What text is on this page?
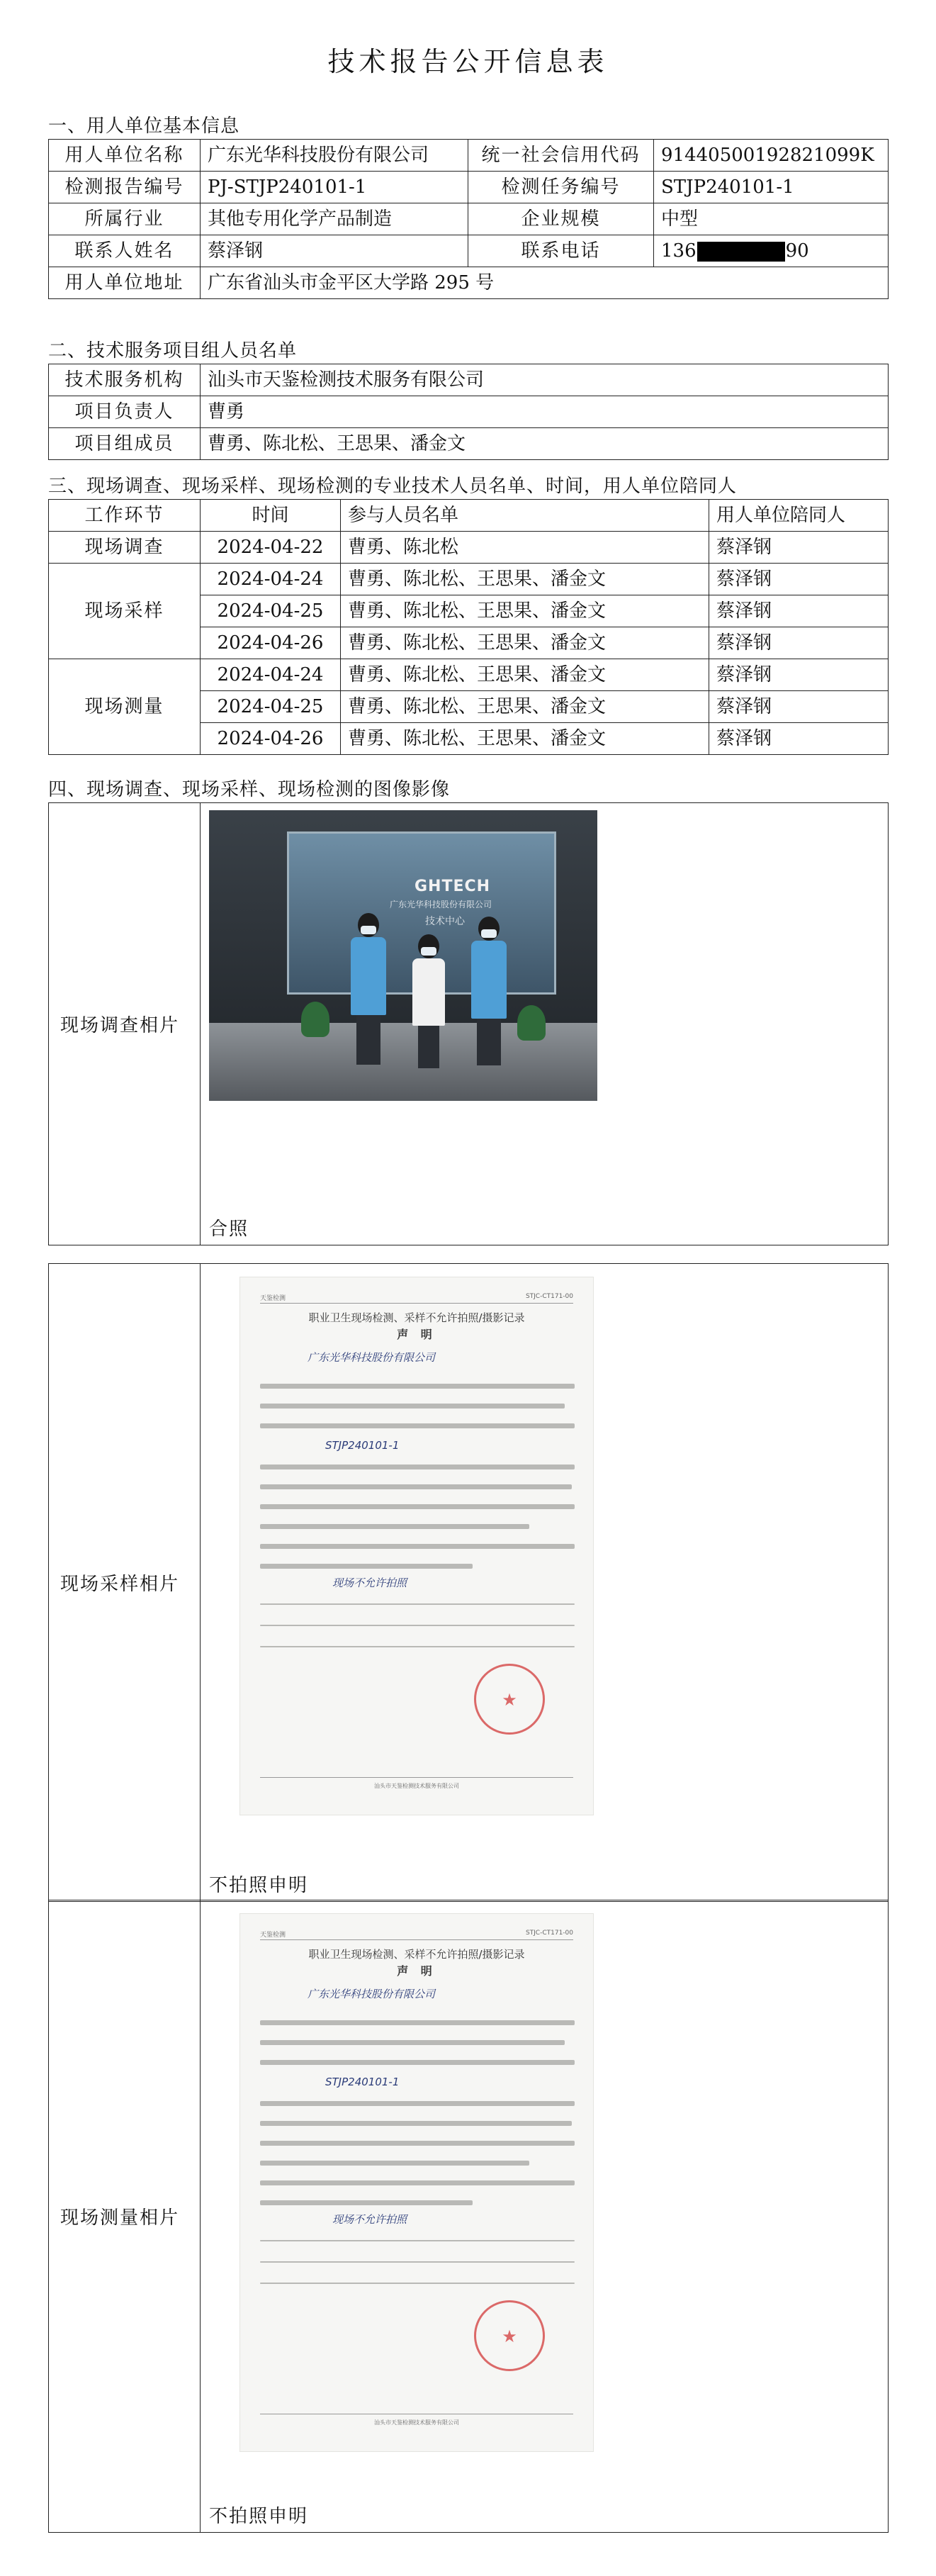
技术报告公开信息表
一、用人单位基本信息
用人单位名称	广东光华科技股份有限公司	统一社会信用代码	91440500192821099K
检测报告编号	PJ-STJP240101-1	检测任务编号	STJP240101-1
所属行业	其他专用化学产品制造	企业规模	中型
联系人姓名	蔡泽钢	联系电话	136 90
用人单位地址	广东省汕头市金平区大学路 295 号		
二、技术服务项目组人员名单
技术服务机构	汕头市天鉴检测技术服务有限公司
项目负责人	曹勇
项目组成员	曹勇、陈北松、王思果、潘金文
三、现场调查、现场采样、现场检测的专业技术人员名单、时间，用人单位陪同人
工作环节	时间	参与人员名单	用人单位陪同人
现场调查	2024-04-22	曹勇、陈北松	蔡泽钢
现场采样	2024-04-24	曹勇、陈北松、王思果、潘金文	蔡泽钢
	2024-04-25	曹勇、陈北松、王思果、潘金文	蔡泽钢
	2024-04-26	曹勇、陈北松、王思果、潘金文	蔡泽钢
现场测量	2024-04-24	曹勇、陈北松、王思果、潘金文	蔡泽钢
	2024-04-25	曹勇、陈北松、王思果、潘金文	蔡泽钢
	2024-04-26	曹勇、陈北松、王思果、潘金文	蔡泽钢
四、现场调查、现场采样、现场检测的图像影像
现场调查相片	
GHTECH
广东光华科技股份有限公司
技术中心
合照
现场采样相片	
天鉴检测	STJC-CT171-00
职业卫生现场检测、采样不允许拍照/摄影记录
声 明
广东光华科技股份有限公司
STJP240101-1
现场不允许拍照
★
汕头市天鉴检测技术服务有限公司
不拍照申明
现场测量相片	
天鉴检测	STJC-CT171-00
职业卫生现场检测、采样不允许拍照/摄影记录
声 明
广东光华科技股份有限公司
STJP240101-1
现场不允许拍照
★
汕头市天鉴检测技术服务有限公司
不拍照申明
